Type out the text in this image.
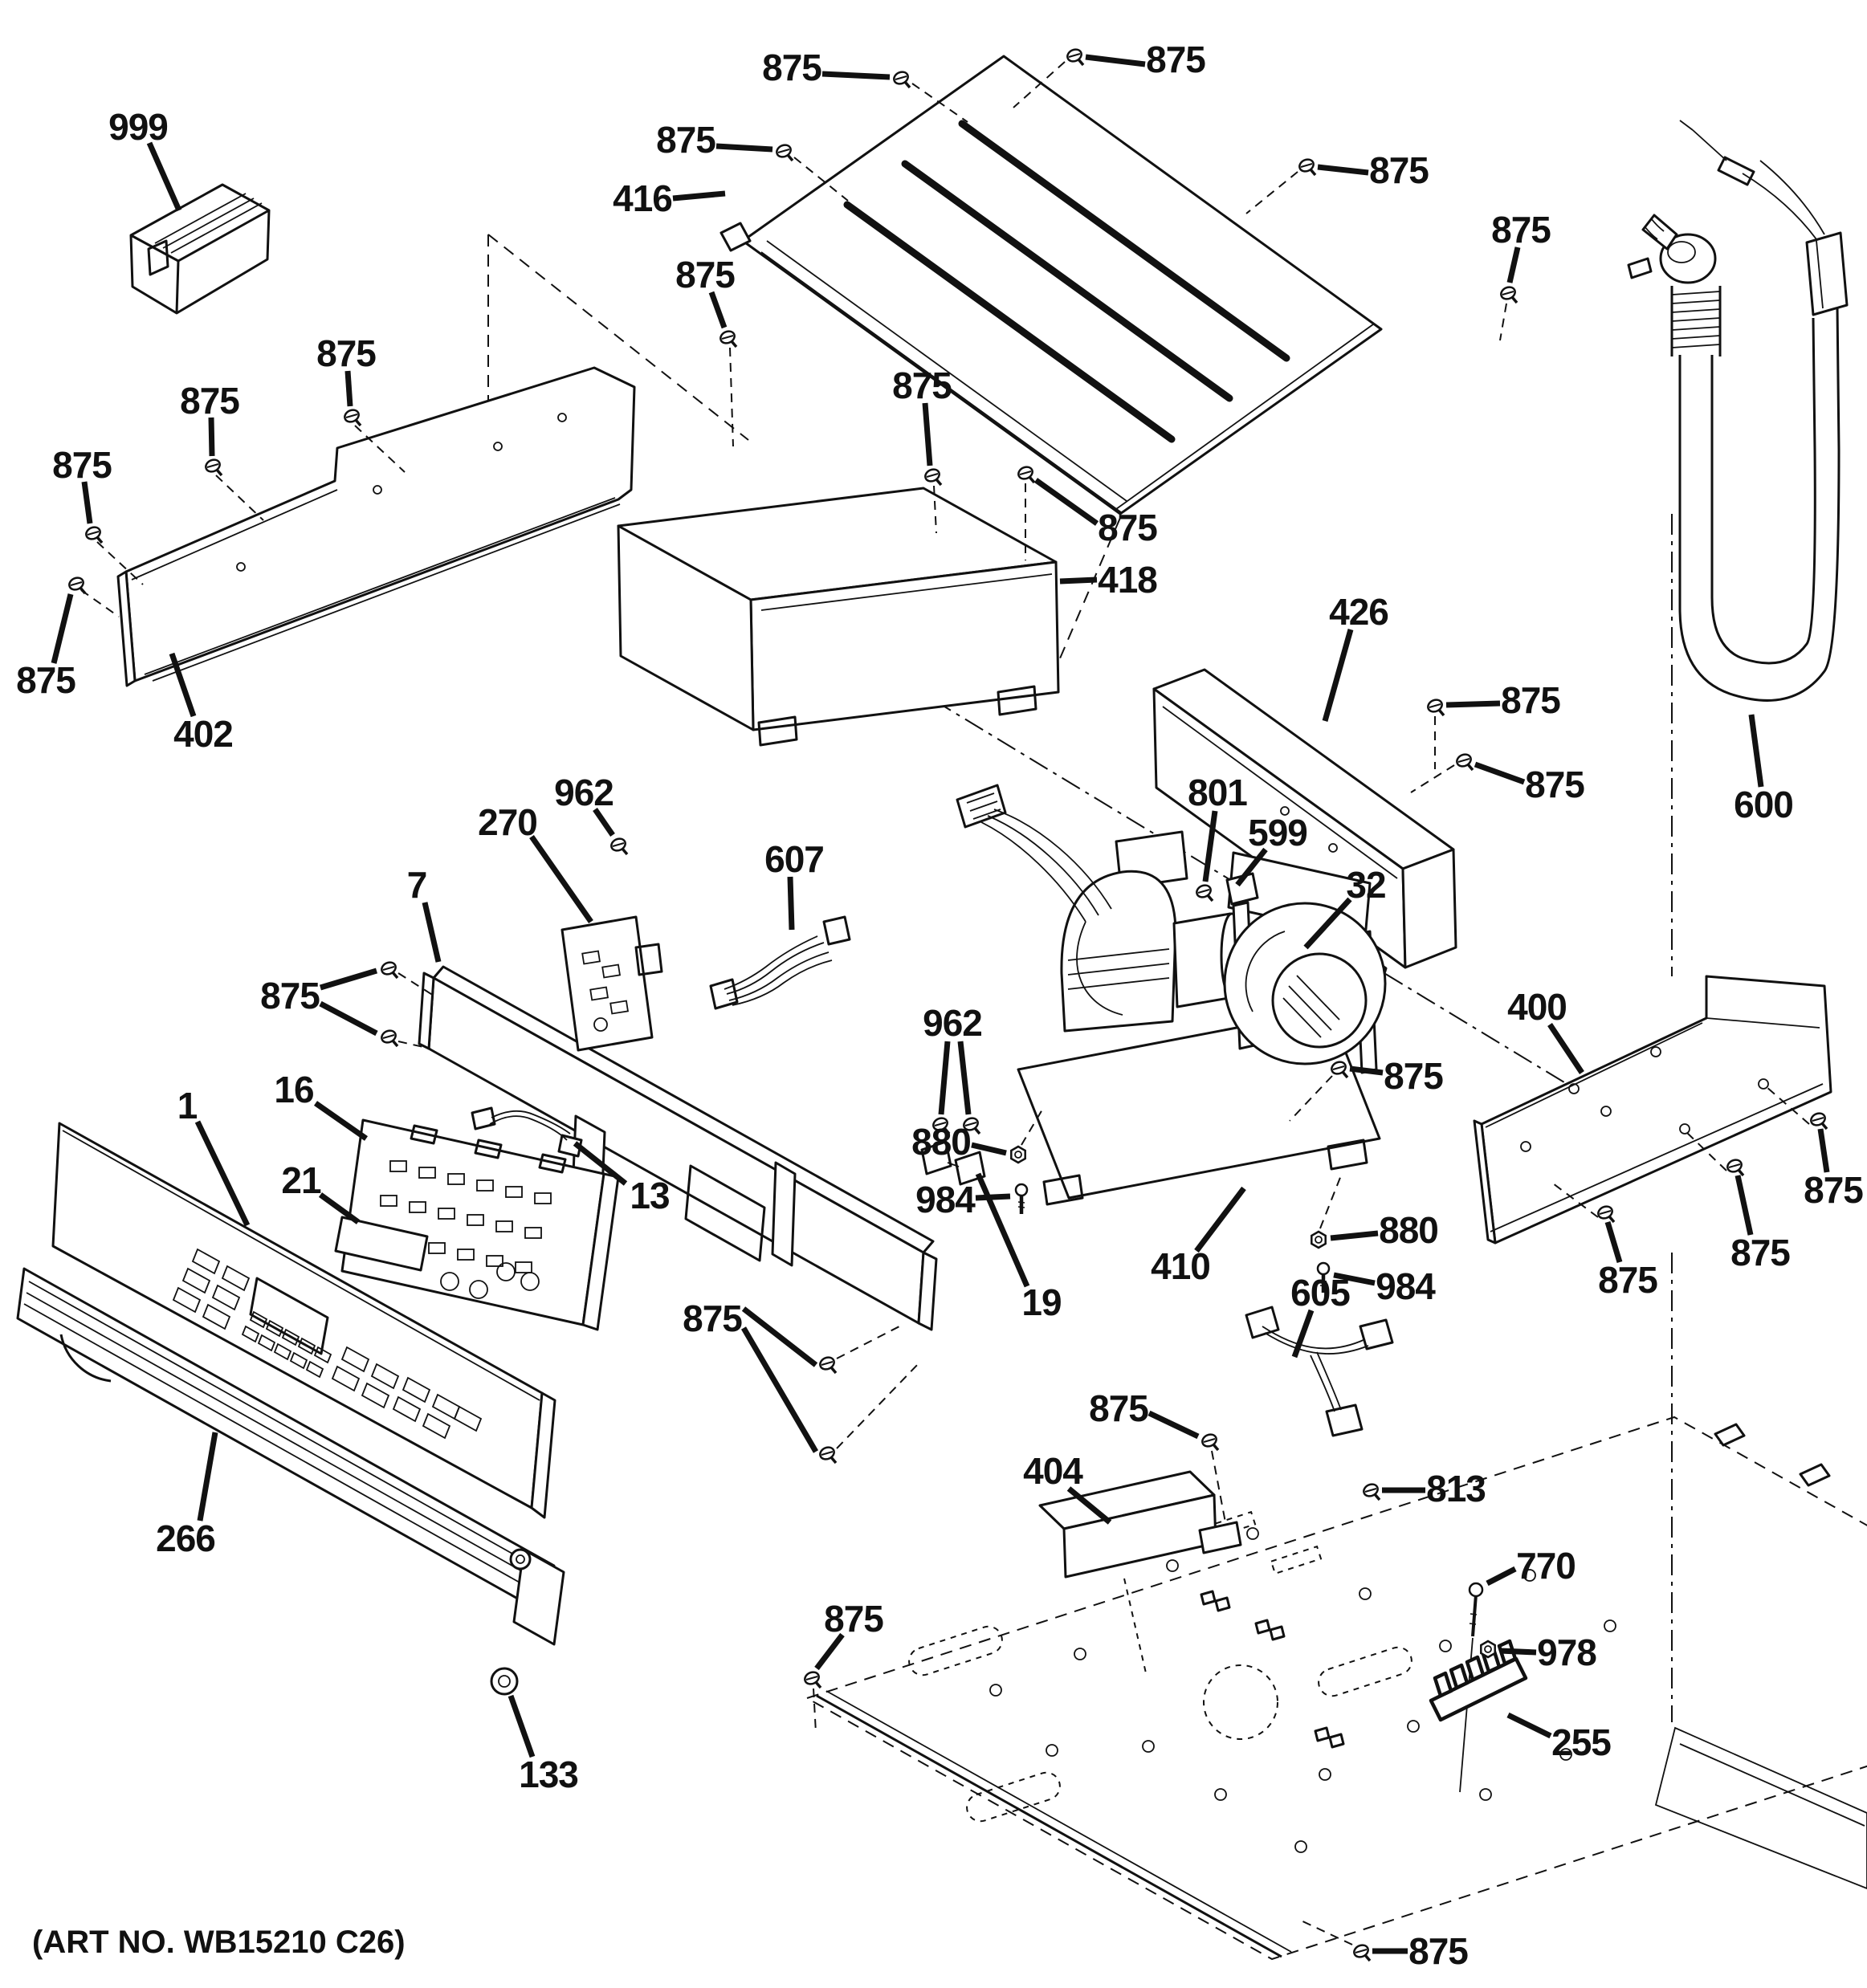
999
875	875
875
416
875
875
875
875
875
418
426
875
875	600
962
270
607
801
599
32
7
875
962
880
984
875
410
880
984
400
875
875
875
1 16
21	13
19
875
605
875
404
875
813
770
978
255
875
133
266
402
875
875
875
875
(ART NO. WB15210 C26)
